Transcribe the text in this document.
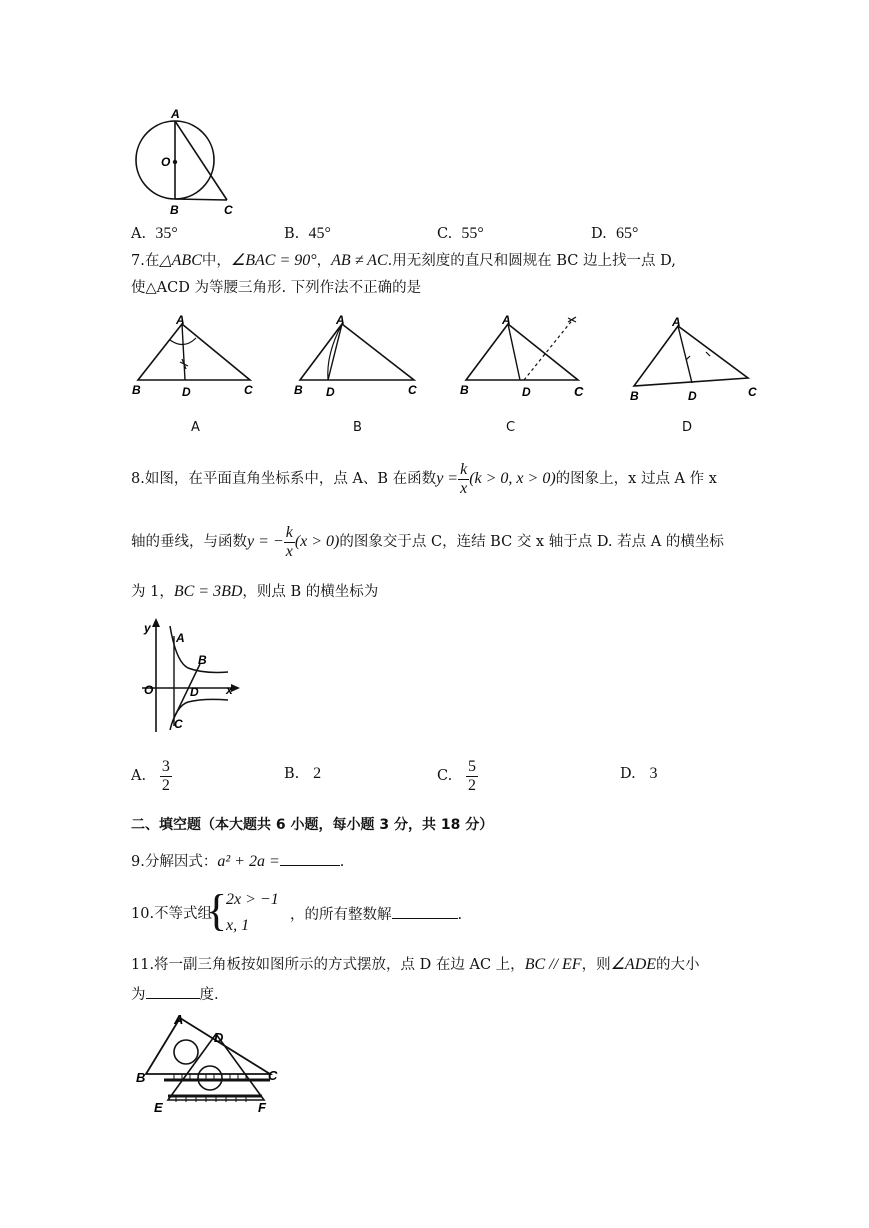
A
O
B	C
A. 35°	B. 45°	C. 55°	D. 65°
7.在△ABC中，∠BAC = 90°，AB ≠ AC.用无刻度的直尺和圆规在 BC 边上找一点 D,
使△ACD 为等腰三角形. 下列作法不正确的是
A
B	D	C
A
B D	C
A
B	D	C
A
B	D	C
A	B	C	D
8.如图，在平面直角坐标系中，点 A、B 在函数$y = \frac{k}{x} (k > 0$, x > 0)的图象上，x 过点 A 作 x
轴的垂线，与函数y = − $\frac{k}{x} (x > 0)$的图象交于点 C，连结 BC 交 x 轴于点 D. 若点 A 的横坐标
为 1，BC = 3BD，则点 B 的横坐标为
y
A
B
O	D x
C
A. $\frac{3}{2}$	B. 2	C. $\frac{5}{2}$	D. 3
二、填空题（本大题共 6 小题，每小题 3 分，共 18 分）
9.分解因式：a² + 2a =	.
10.不等式组
{
2x > −1
x, 1
，的所有整数解	.
11.将一副三角板按如图所示的方式摆放，点 D 在边 AC 上，BC // EF，则∠ADE的大小
为	度.
A
D
B	C
E	F
